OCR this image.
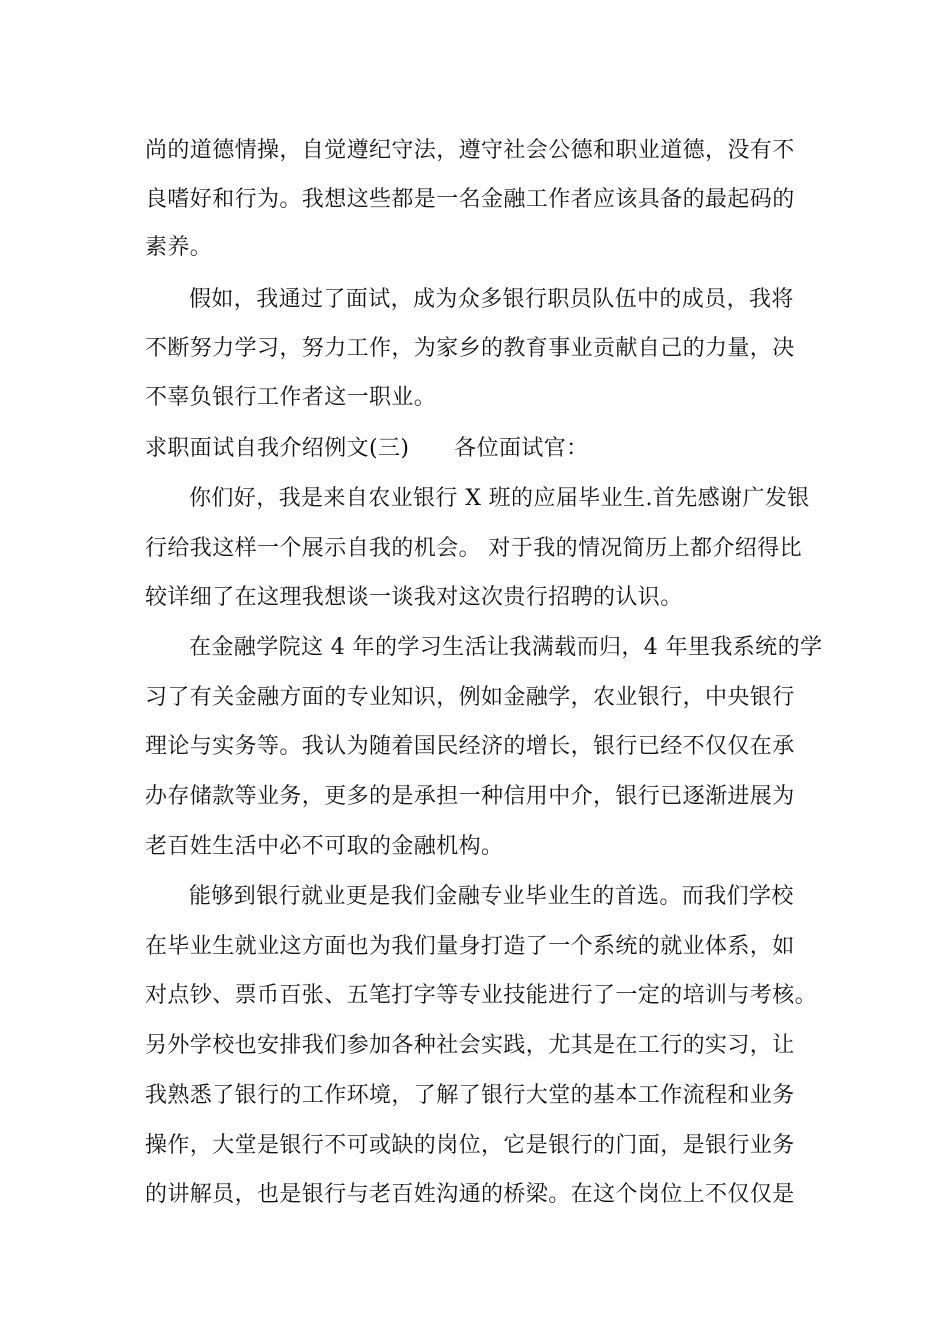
尚的道德情操，自觉遵纪守法，遵守社会公德和职业道德，没有不
良嗜好和行为。我想这些都是一名金融工作者应该具备的最起码的
素养。
假如，我通过了面试，成为众多银行职员队伍中的成员，我将
不断努力学习，努力工作，为家乡的教育事业贡献自己的力量，决
不辜负银行工作者这一职业。
求职面试自我介绍例文(三)　　各位面试官：
你们好，我是来自农业银行 X 班的应届毕业生.首先感谢广发银
行给我这样一个展示自我的机会。 对于我的情况简历上都介绍得比
较详细了在这理我想谈一谈我对这次贵行招聘的认识。
在金融学院这 4 年的学习生活让我满载而归，4 年里我系统的学
习了有关金融方面的专业知识，例如金融学，农业银行，中央银行
理论与实务等。我认为随着国民经济的增长，银行已经不仅仅在承
办存储款等业务，更多的是承担一种信用中介，银行已逐渐进展为
老百姓生活中必不可取的金融机构。
能够到银行就业更是我们金融专业毕业生的首选。而我们学校
在毕业生就业这方面也为我们量身打造了一个系统的就业体系，如
对点钞、票币百张、五笔打字等专业技能进行了一定的培训与考核。
另外学校也安排我们参加各种社会实践，尤其是在工行的实习，让
我熟悉了银行的工作环境，了解了银行大堂的基本工作流程和业务
操作，大堂是银行不可或缺的岗位，它是银行的门面，是银行业务
的讲解员，也是银行与老百姓沟通的桥梁。在这个岗位上不仅仅是
